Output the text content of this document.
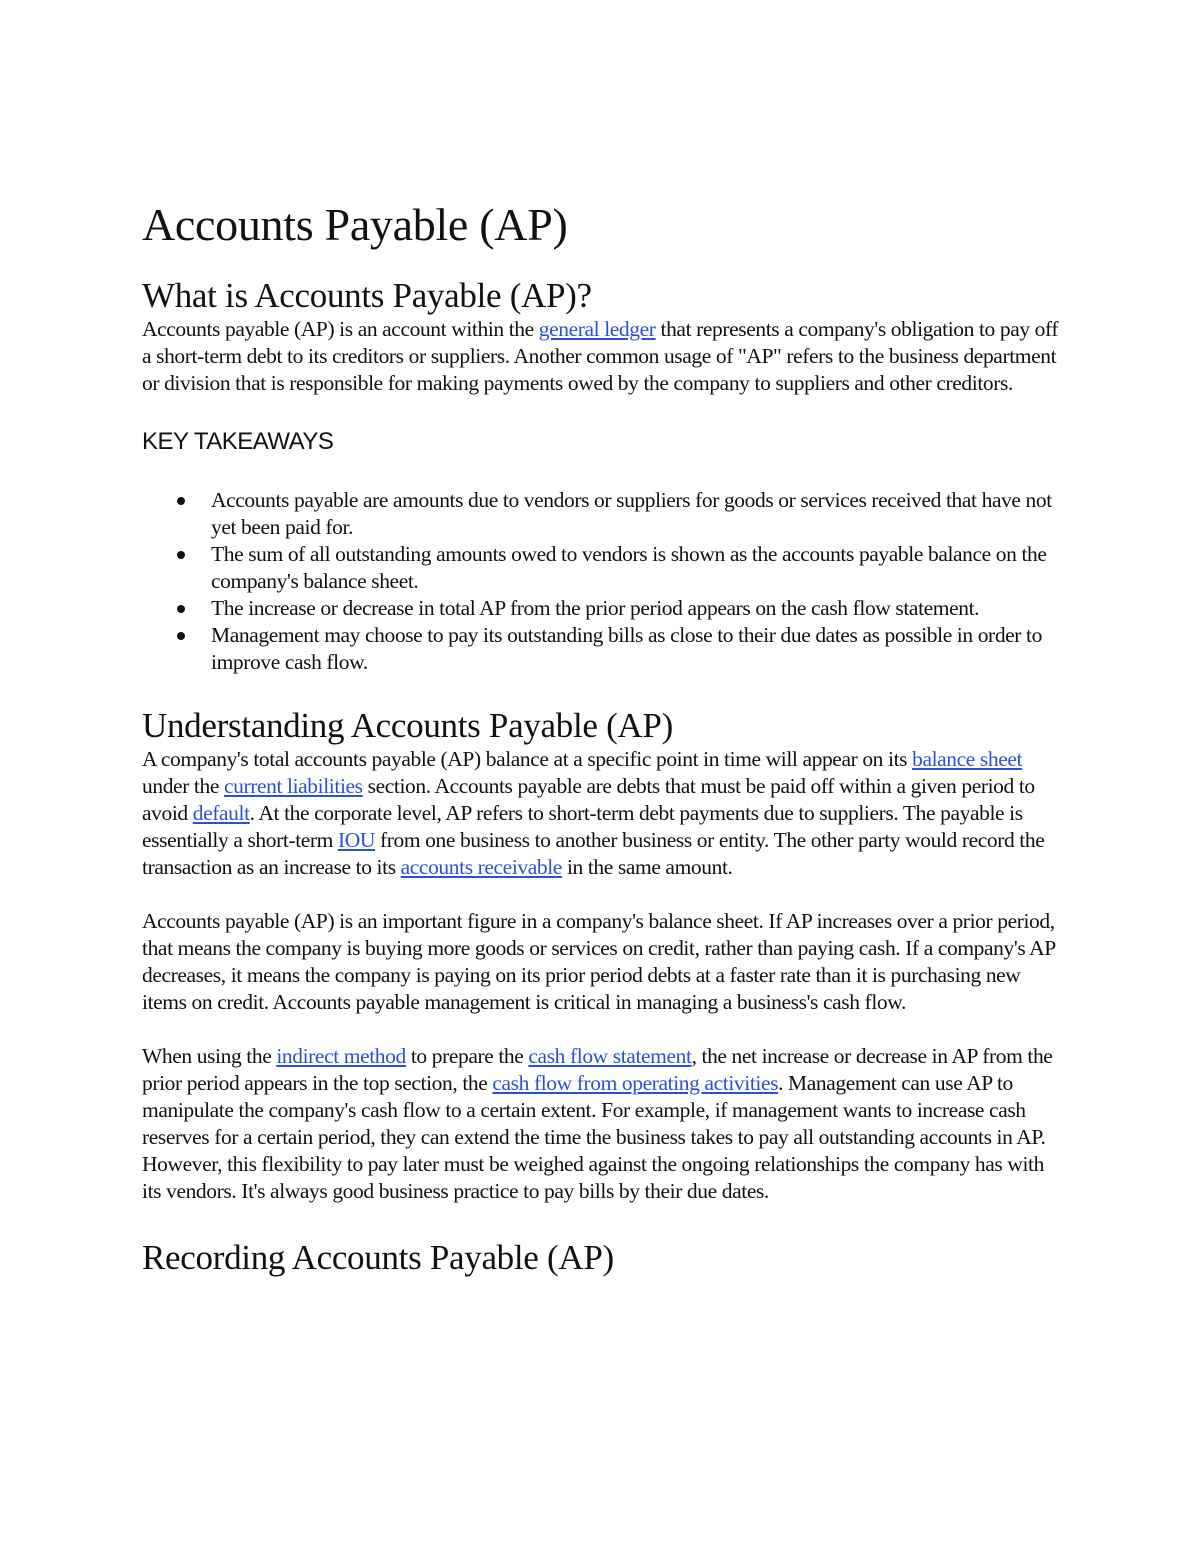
Accounts Payable (AP)
What is Accounts Payable (AP)?

Accounts payable (AP) is an account within the general ledger that represents a company's obligation to pay off a short-term debt to its creditors or suppliers. Another common usage of "AP" refers to the business department or division that is responsible for making payments owed by the company to suppliers and other creditors.

KEY TAKEAWAYS
Accounts payable are amounts due to vendors or suppliers for goods or services received that have not yet been paid for.
The sum of all outstanding amounts owed to vendors is shown as the accounts payable balance on the company's balance sheet.
The increase or decrease in total AP from the prior period appears on the cash flow statement.
Management may choose to pay its outstanding bills as close to their due dates as possible in order to improve cash flow.
Understanding Accounts Payable (AP)

A company's total accounts payable (AP) balance at a specific point in time will appear on its balance sheet under the current liabilities section. Accounts payable are debts that must be paid off within a given period to avoid default. At the corporate level, AP refers to short-term debt payments due to suppliers. The payable is essentially a short-term IOU from one business to another business or entity. The other party would record the transaction as an increase to its accounts receivable in the same amount.

Accounts payable (AP) is an important figure in a company's balance sheet. If AP increases over a prior period, that means the company is buying more goods or services on credit, rather than paying cash. If a company's AP decreases, it means the company is paying on its prior period debts at a faster rate than it is purchasing new items on credit. Accounts payable management is critical in managing a business's cash flow.

When using the indirect method to prepare the cash flow statement, the net increase or decrease in AP from the prior period appears in the top section, the cash flow from operating activities. Management can use AP to manipulate the company's cash flow to a certain extent. For example, if management wants to increase cash reserves for a certain period, they can extend the time the business takes to pay all outstanding accounts in AP. However, this flexibility to pay later must be weighed against the ongoing relationships the company has with its vendors. It's always good business practice to pay bills by their due dates.

Recording Accounts Payable (AP)
